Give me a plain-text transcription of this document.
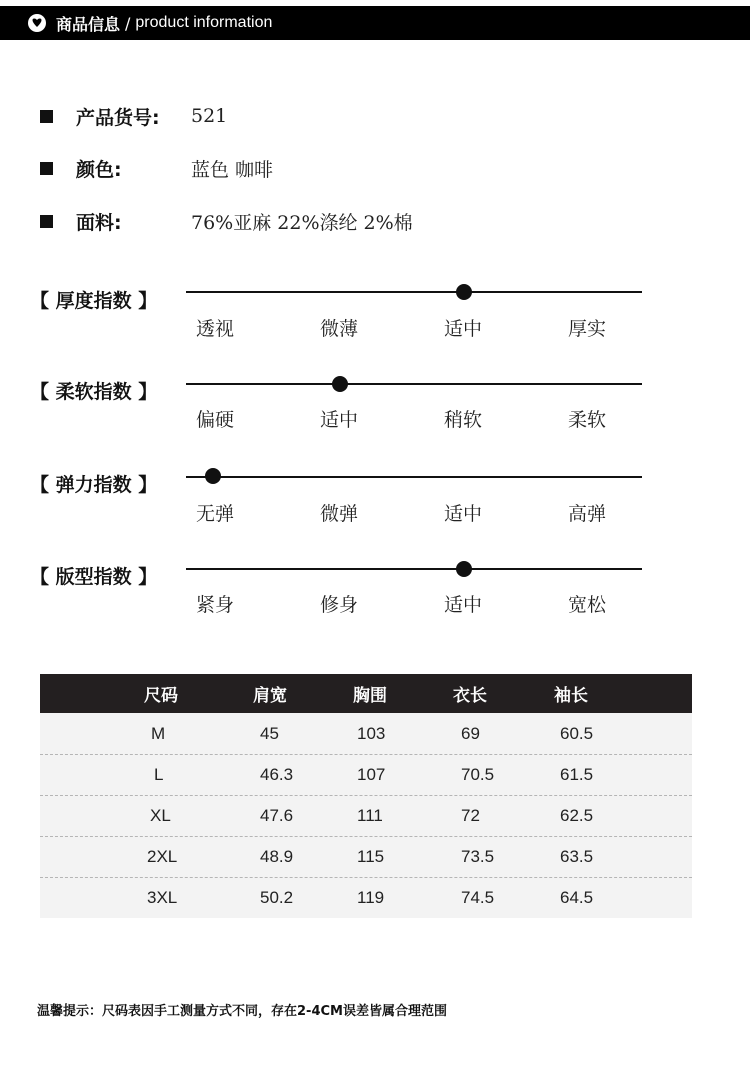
商品信息 / product information
产品货号: 521
颜色:	蓝色 咖啡
面料:	76%亚麻 22%涤纶 2%棉
【 厚度指数 】
透视	微薄	适中	厚实
【 柔软指数 】
偏硬	适中	稍软	柔软
【 弹力指数 】
无弹	微弹	适中	高弹
【 版型指数 】
紧身	修身	适中	宽松
尺码	肩宽	胸围	衣长	袖长
M	45	103	69	60.5
L	46.3	107	70.5	61.5
XL	47.6	111	72	62.5
2XL	48.9	115	73.5	63.5
3XL	50.2	119	74.5	64.5
温馨提示：尺码表因手工测量方式不同，存在2-4CM误差皆属合理范围
